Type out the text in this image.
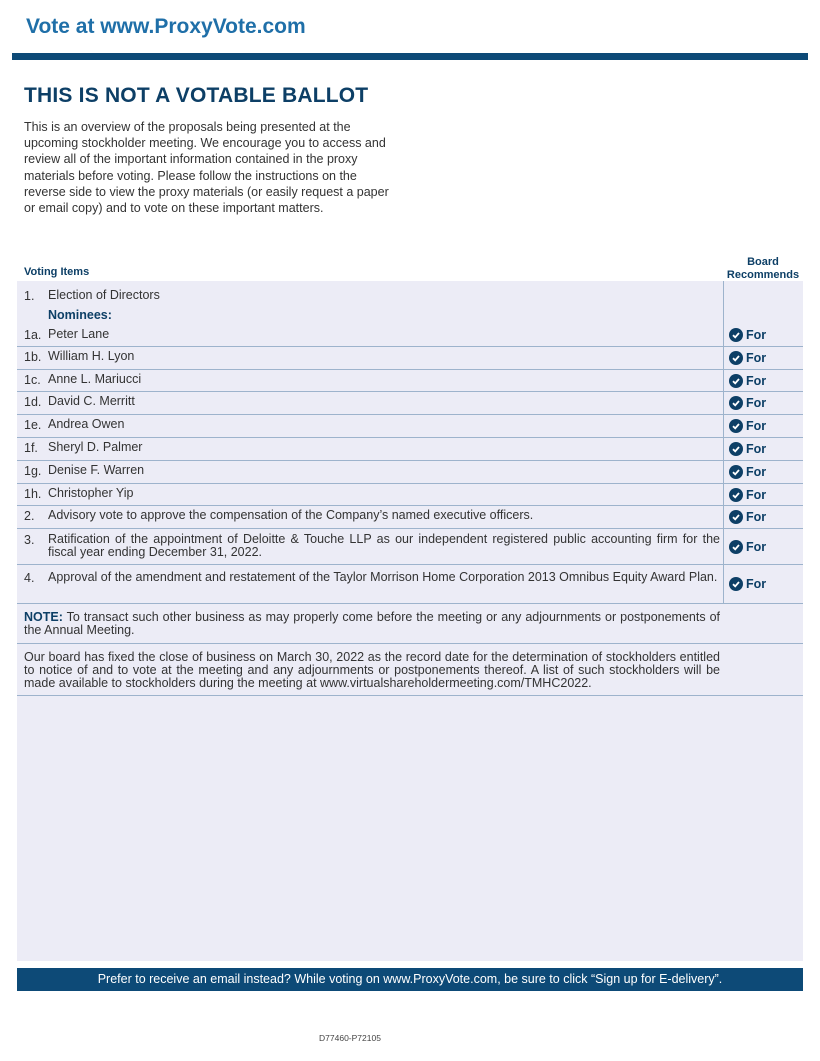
Vote at www.ProxyVote.com
THIS IS NOT A VOTABLE BALLOT
This is an overview of the proposals being presented at the upcoming stockholder meeting. We encourage you to access and review all of the important information contained in the proxy materials before voting. Please follow the instructions on the reverse side to view the proxy materials (or easily request a paper or email copy) and to vote on these important matters.
Voting Items
Board
Recommends
1. Election of Directors
Nominees:
1a. Peter Lane	For
1b. William H. Lyon	For
1c. Anne L. Mariucci	For
1d. David C. Merritt	For
1e. Andrea Owen	For
1f. Sheryl D. Palmer	For
1g. Denise F. Warren	For
1h. Christopher Yip	For
2. Advisory vote to approve the compensation of the Company’s named executive officers.	For
3. Ratification of the appointment of Deloitte & Touche LLP as our independent registered public accounting firm for the fiscal year ending December 31, 2022.	For
4. Approval of the amendment and restatement of the Taylor Morrison Home Corporation 2013 Omnibus Equity Award Plan. For
NOTE: To transact such other business as may properly come before the meeting or any adjournments or postponements of the Annual Meeting.
Our board has fixed the close of business on March 30, 2022 as the record date for the determination of stockholders entitled to notice of and to vote at the meeting and any adjournments or postponements thereof. A list of such stockholders will be made available to stockholders during the meeting at www.virtualshareholdermeeting.com/TMHC2022.
Prefer to receive an email instead? While voting on www.ProxyVote.com, be sure to click “Sign up for E-delivery”.
D77460-P72105
